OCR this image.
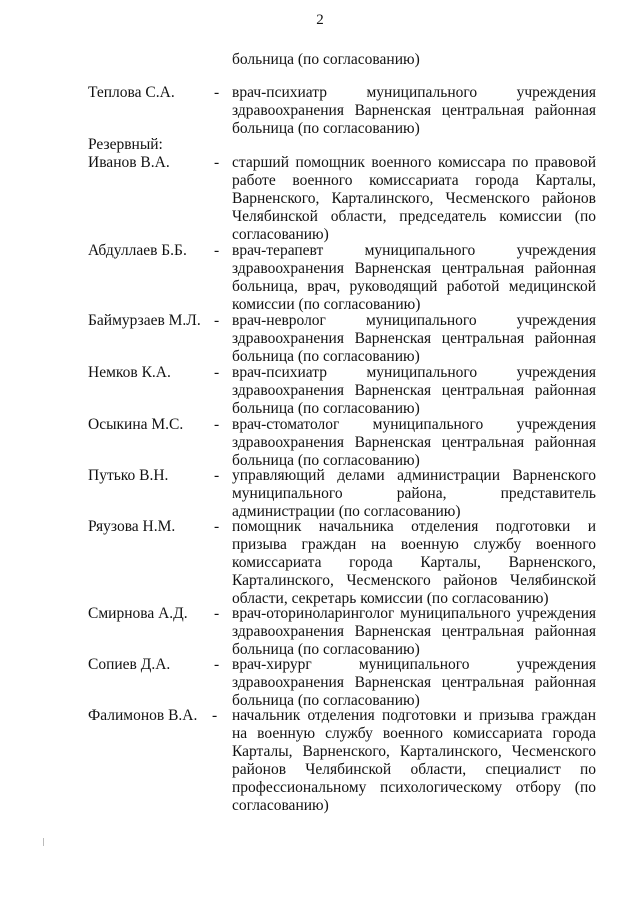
2
больница (по согласованию)
Теплова С.А.	- врач-психиатр муниципального учреждения здравоохранения Варненская центральная районная больница (по согласованию)
Резервный:
Иванов В.А.	- старший помощник военного комиссара по правовой работе военного комиссариата города Карталы, Варненского, Карталинского, Чесменского районов Челябинской области, председатель комиссии (по согласованию)
Абдуллаев Б.Б. - врач-терапевт муниципального учреждения здравоохранения Варненская центральная районная больница, врач, руководящий работой медицинской комиссии (по согласованию)
Баймурзаев М.Л. - врач-невролог муниципального учреждения здравоохранения Варненская центральная районная больница (по согласованию)
Немков К.А.	- врач-психиатр муниципального учреждения здравоохранения Варненская центральная районная больница (по согласованию)
Осыкина М.С. - врач-стоматолог муниципального учреждения здравоохранения Варненская центральная районная больница (по согласованию)
Путько В.Н.	- управляющий делами администрации Варненского муниципального района, представитель администрации (по согласованию)
Ряузова Н.М. - помощник начальника отделения подготовки и призыва граждан на военную службу военного комиссариата города Карталы, Варненского, Карталинского, Чесменского районов Челябинской области, секретарь комиссии (по согласованию)
Смирнова А.Д. - врач-оториноларинголог муниципального учреждения здравоохранения Варненская центральная районная больница (по согласованию)
Сопиев Д.А.	- врач-хирург муниципального учреждения здравоохранения Варненская центральная районная больница (по согласованию)
Фалимонов В.А. - начальник отделения подготовки и призыва граждан на военную службу военного комиссариата города Карталы, Варненского, Карталинского, Чесменского районов Челябинской области, специалист по профессиональному психологическому отбору (по согласованию)
